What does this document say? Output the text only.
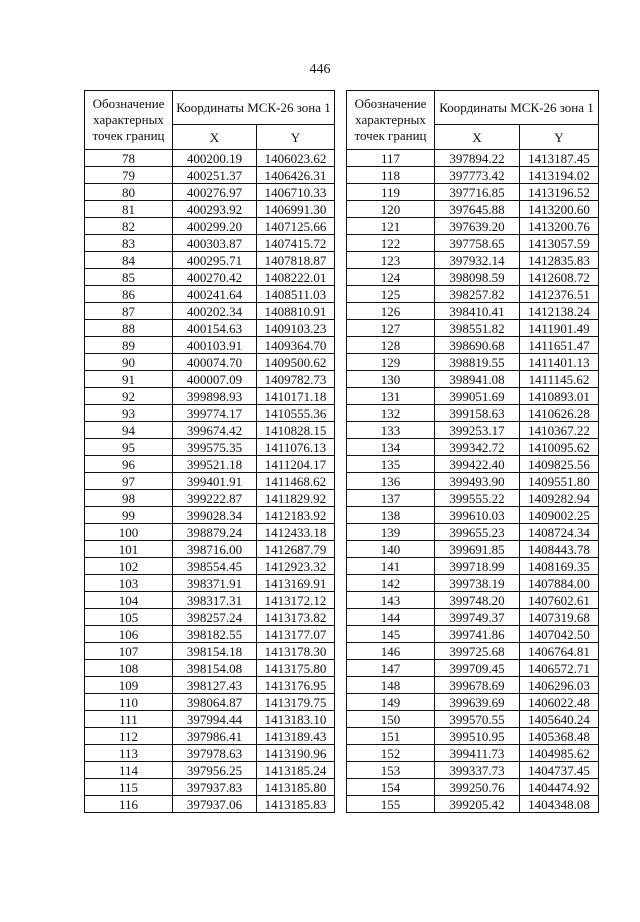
446
Обозначение характерных точек границ	Координаты МСК-26 зона 1	
	X	Y
78	400200.19	1406023.62
79	400251.37	1406426.31
80	400276.97	1406710.33
81	400293.92	1406991.30
82	400299.20	1407125.66
83	400303.87	1407415.72
84	400295.71	1407818.87
85	400270.42	1408222.01
86	400241.64	1408511.03
87	400202.34	1408810.91
88	400154.63	1409103.23
89	400103.91	1409364.70
90	400074.70	1409500.62
91	400007.09	1409782.73
92	399898.93	1410171.18
93	399774.17	1410555.36
94	399674.42	1410828.15
95	399575.35	1411076.13
96	399521.18	1411204.17
97	399401.91	1411468.62
98	399222.87	1411829.92
99	399028.34	1412183.92
100	398879.24	1412433.18
101	398716.00	1412687.79
102	398554.45	1412923.32
103	398371.91	1413169.91
104	398317.31	1413172.12
105	398257.24	1413173.82
106	398182.55	1413177.07
107	398154.18	1413178.30
108	398154.08	1413175.80
109	398127.43	1413176.95
110	398064.87	1413179.75
111	397994.44	1413183.10
112	397986.41	1413189.43
113	397978.63	1413190.96
114	397956.25	1413185.24
115	397937.83	1413185.80
116	397937.06	1413185.83
Обозначение характерных точек границ	Координаты МСК-26 зона 1	
	X	Y
117	397894.22	1413187.45
118	397773.42	1413194.02
119	397716.85	1413196.52
120	397645.88	1413200.60
121	397639.20	1413200.76
122	397758.65	1413057.59
123	397932.14	1412835.83
124	398098.59	1412608.72
125	398257.82	1412376.51
126	398410.41	1412138.24
127	398551.82	1411901.49
128	398690.68	1411651.47
129	398819.55	1411401.13
130	398941.08	1411145.62
131	399051.69	1410893.01
132	399158.63	1410626.28
133	399253.17	1410367.22
134	399342.72	1410095.62
135	399422.40	1409825.56
136	399493.90	1409551.80
137	399555.22	1409282.94
138	399610.03	1409002.25
139	399655.23	1408724.34
140	399691.85	1408443.78
141	399718.99	1408169.35
142	399738.19	1407884.00
143	399748.20	1407602.61
144	399749.37	1407319.68
145	399741.86	1407042.50
146	399725.68	1406764.81
147	399709.45	1406572.71
148	399678.69	1406296.03
149	399639.69	1406022.48
150	399570.55	1405640.24
151	399510.95	1405368.48
152	399411.73	1404985.62
153	399337.73	1404737.45
154	399250.76	1404474.92
155	399205.42	1404348.08
